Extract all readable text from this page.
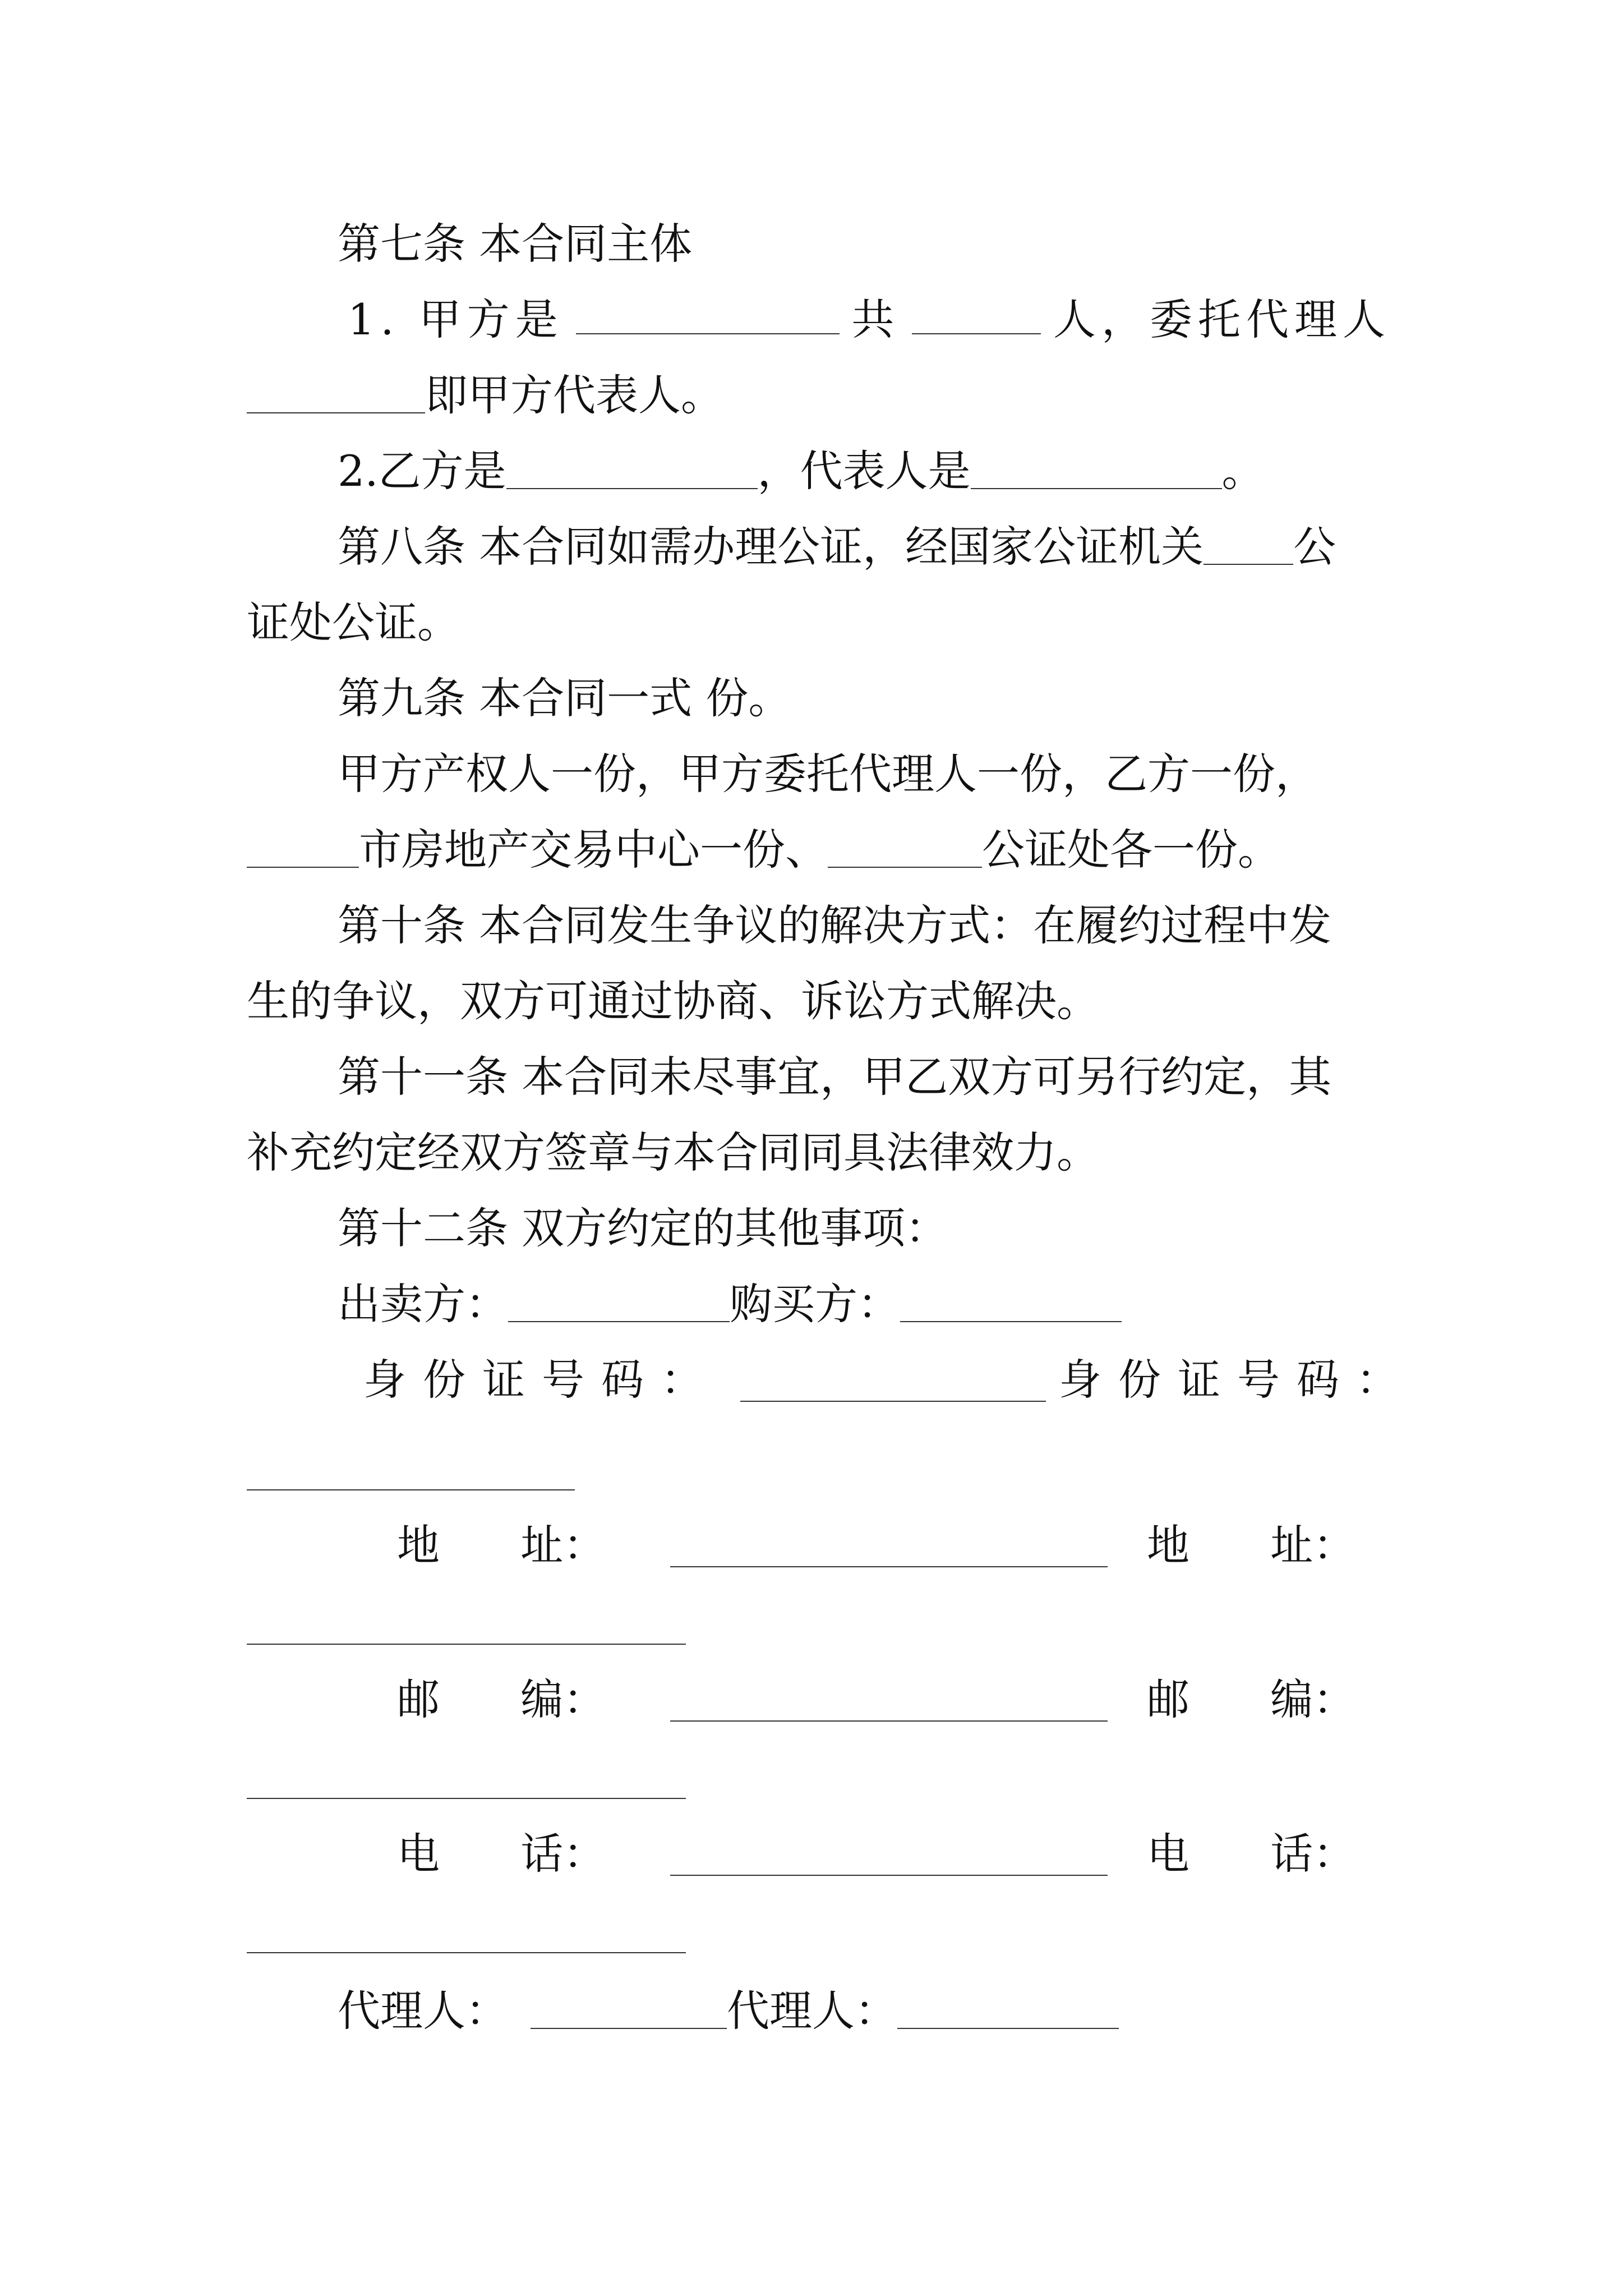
第七条 本合同主体
1. 甲方是	共	人，委托代理人
即甲方代表人。
2.乙方是	，代表人是	。
第八条 本合同如需办理公证，经国家公证机关 公
证处公证。
第九条 本合同一式 份。
甲方产权人一份，甲方委托代理人一份，乙方一份，
市房地产交易中心一份、	公证处各一份。
第十条 本合同发生争议的解决方式：在履约过程中发
生的争议，双方可通过协商、诉讼方式解决。
第十一条 本合同未尽事宜，甲乙双方可另行约定，其
补充约定经双方签章与本合同同具法律效力。
第十二条 双方约定的其他事项：
出卖方：	购买方：
身份证号码：	身份证号码：
地 址：	地 址：
邮 编：	邮 编：
电 话：	电 话：
代理人：	代理人：
